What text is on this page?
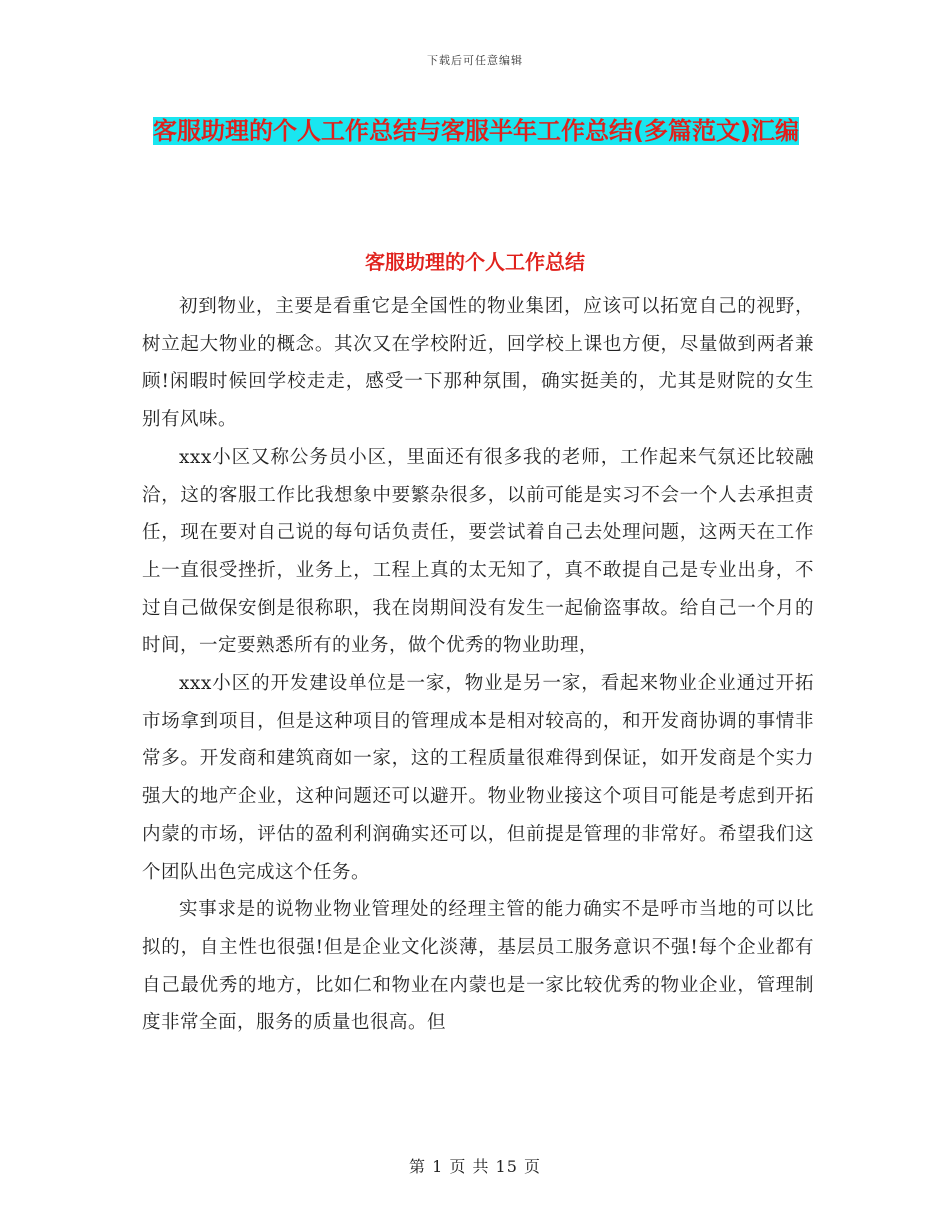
下载后可任意编辑
客服助理的个人工作总结与客服半年工作总结(多篇范文)汇编
客服助理的个人工作总结

初到物业，主要是看重它是全国性的物业集团，应该可以拓宽自己的视野，树立起大物业的概念。其次又在学校附近，回学校上课也方便，尽量做到两者兼顾!闲暇时候回学校走走，感受一下那种氛围，确实挺美的，尤其是财院的女生别有风味。

xxx小区又称公务员小区，里面还有很多我的老师，工作起来气氛还比较融洽，这的客服工作比我想象中要繁杂很多，以前可能是实习不会一个人去承担责任，现在要对自己说的每句话负责任，要尝试着自己去处理问题，这两天在工作上一直很受挫折，业务上，工程上真的太无知了，真不敢提自己是专业出身，不过自己做保安倒是很称职，我在岗期间没有发生一起偷盗事故。给自己一个月的时间，一定要熟悉所有的业务，做个优秀的物业助理，

xxx小区的开发建设单位是一家，物业是另一家，看起来物业企业通过开拓市场拿到项目，但是这种项目的管理成本是相对较高的，和开发商协调的事情非常多。开发商和建筑商如一家，这的工程质量很难得到保证，如开发商是个实力强大的地产企业，这种问题还可以避开。物业物业接这个项目可能是考虑到开拓内蒙的市场，评估的盈利利润确实还可以，但前提是管理的非常好。希望我们这个团队出色完成这个任务。

实事求是的说物业物业管理处的经理主管的能力确实不是呼市当地的可以比拟的，自主性也很强!但是企业文化淡薄，基层员工服务意识不强!每个企业都有自己最优秀的地方，比如仁和物业在内蒙也是一家比较优秀的物业企业，管理制度非常全面，服务的质量也很高。但

第 1 页 共 15 页
